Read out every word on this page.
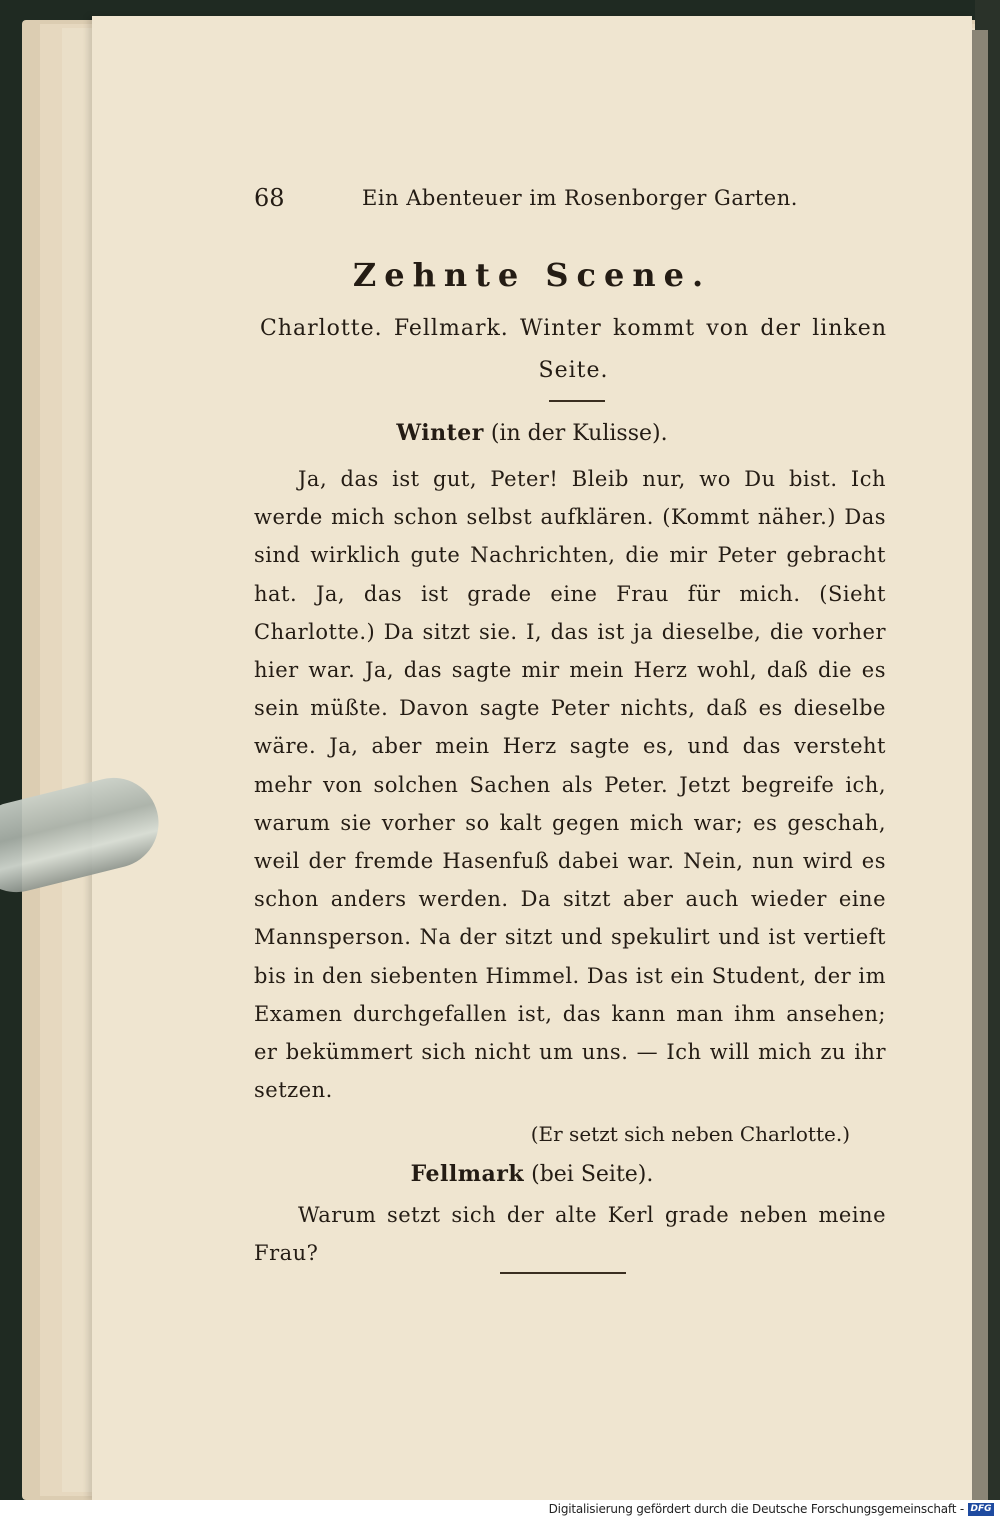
68	Ein Abenteuer im Rosenborger Garten.
Zehnte Scene.
Charlotte. Fellmark. Winter kommt von der linken Seite.
Winter (in der Kulisse).
Ja, das ist gut, Peter! Bleib nur, wo Du bist. Ich werde mich schon selbst aufklären. (Kommt näher.) Das sind wirklich gute Nachrichten, die mir Peter gebracht hat. Ja, das ist grade eine Frau für mich. (Sieht Charlotte.) Da sitzt sie. I, das ist ja dieselbe, die vorher hier war. Ja, das sagte mir mein Herz wohl, daß die es sein müßte. Davon sagte Peter nichts, daß es dieselbe wäre. Ja, aber mein Herz sagte es, und das versteht mehr von solchen Sachen als Peter. Jetzt begreife ich, warum sie vorher so kalt gegen mich war; es geschah, weil der fremde Hasenfuß dabei war. Nein, nun wird es schon anders werden. Da sitzt aber auch wieder eine Mannsperson. Na der sitzt und spekulirt und ist vertieft bis in den siebenten Himmel. Das ist ein Student, der im Examen durchgefallen ist, das kann man ihm ansehen; er bekümmert sich nicht um uns. — Ich will mich zu ihr setzen.
(Er setzt sich neben Charlotte.)
Fellmark (bei Seite).
Warum setzt sich der alte Kerl grade neben meine Frau?
Digitalisierung gefördert durch die Deutsche Forschungsgemeinschaft - DFG
